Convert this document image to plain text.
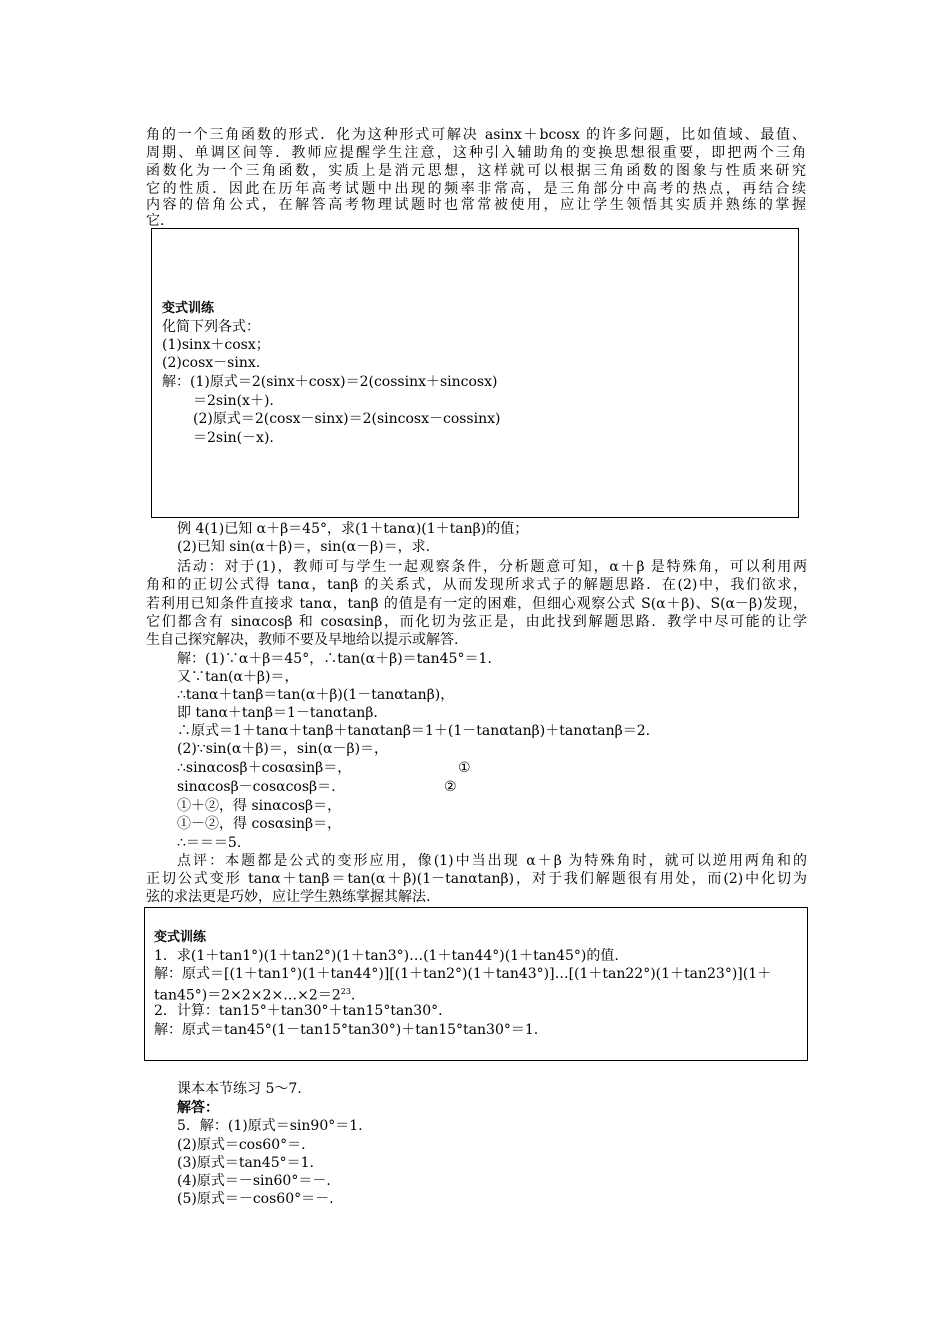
角的一个三角函数的形式．化为这种形式可解决 asinx＋bcosx 的许多问题，比如值域、最值、
周期、单调区间等．教师应提醒学生注意，这种引入辅助角的变换思想很重要，即把两个三角
函数化为一个三角函数，实质上是消元思想，这样就可以根据三角函数的图象与性质来研究
它的性质．因此在历年高考试题中出现的频率非常高，是三角部分中高考的热点，再结合续
内容的倍角公式，在解答高考物理试题时也常常被使用，应让学生领悟其实质并熟练的掌握
它．
变式训练
化简下列各式：
(1)sinx＋cosx；
(2)cosx－sinx.
解：(1)原式＝2(sinx＋cosx)＝2(cossinx＋sincosx)
＝2sin(x＋).
(2)原式＝2(cosx－sinx)＝2(sincosx－cossinx)
＝2sin(－x).
例 4(1)已知 α＋β＝45°，求(1＋tanα)(1＋tanβ)的值；
(2)已知 sin(α＋β)＝，sin(α－β)＝，求.
活动：对于(1)，教师可与学生一起观察条件，分析题意可知，α＋β 是特殊角，可以利用两
角和的正切公式得 tanα，tanβ 的关系式，从而发现所求式子的解题思路．在(2)中，我们欲求，
若利用已知条件直接求 tanα，tanβ 的值是有一定的困难，但细心观察公式 S(α＋β)、S(α－β)发现，
它们都含有 sinαcosβ 和 cosαsinβ，而化切为弦正是，由此找到解题思路．教学中尽可能的让学
生自己探究解决，教师不要及早地给以提示或解答.
解：(1)∵α＋β＝45°，∴tan(α＋β)＝tan45°＝1.
又∵tan(α＋β)＝，
∴tanα＋tanβ＝tan(α＋β)(1－tanαtanβ)，
即 tanα＋tanβ＝1－tanαtanβ.
∴原式＝1＋tanα＋tanβ＋tanαtanβ＝1＋(1－tanαtanβ)＋tanαtanβ＝2.
(2)∵sin(α＋β)＝，sin(α－β)＝，
∴sinαcosβ＋cosαsinβ＝，	①
sinαcosβ－cosαcosβ＝.	②
①＋②，得 sinαcosβ＝，
①－②，得 cosαsinβ＝，
∴＝＝＝5.
点评：本题都是公式的变形应用，像(1)中当出现 α＋β 为特殊角时，就可以逆用两角和的
正切公式变形 tanα＋tanβ＝tan(α＋β)(1－tanαtanβ)，对于我们解题很有用处，而(2)中化切为
弦的求法更是巧妙，应让学生熟练掌握其解法.
变式训练
1．求(1＋tan1°)(1＋tan2°)(1＋tan3°)…(1＋tan44°)(1＋tan45°)的值.
解：原式＝[(1＋tan1°)(1＋tan44°)][(1＋tan2°)(1＋tan43°)]…[(1＋tan22°)(1＋tan23°)](1＋
$\tan 45^\circ)=2\times 2\times 2\times\dots\times 2=2^{23}$.
2．计算：tan15°＋tan30°＋tan15°tan30°.
解：原式＝tan45°(1－tan15°tan30°)＋tan15°tan30°＝1.
课本本节练习 5～7.
解答：
5．解：(1)原式＝sin90°＝1.
(2)原式＝cos60°＝.
(3)原式＝tan45°＝1.
(4)原式＝－sin60°＝－.
(5)原式＝－cos60°＝－.
